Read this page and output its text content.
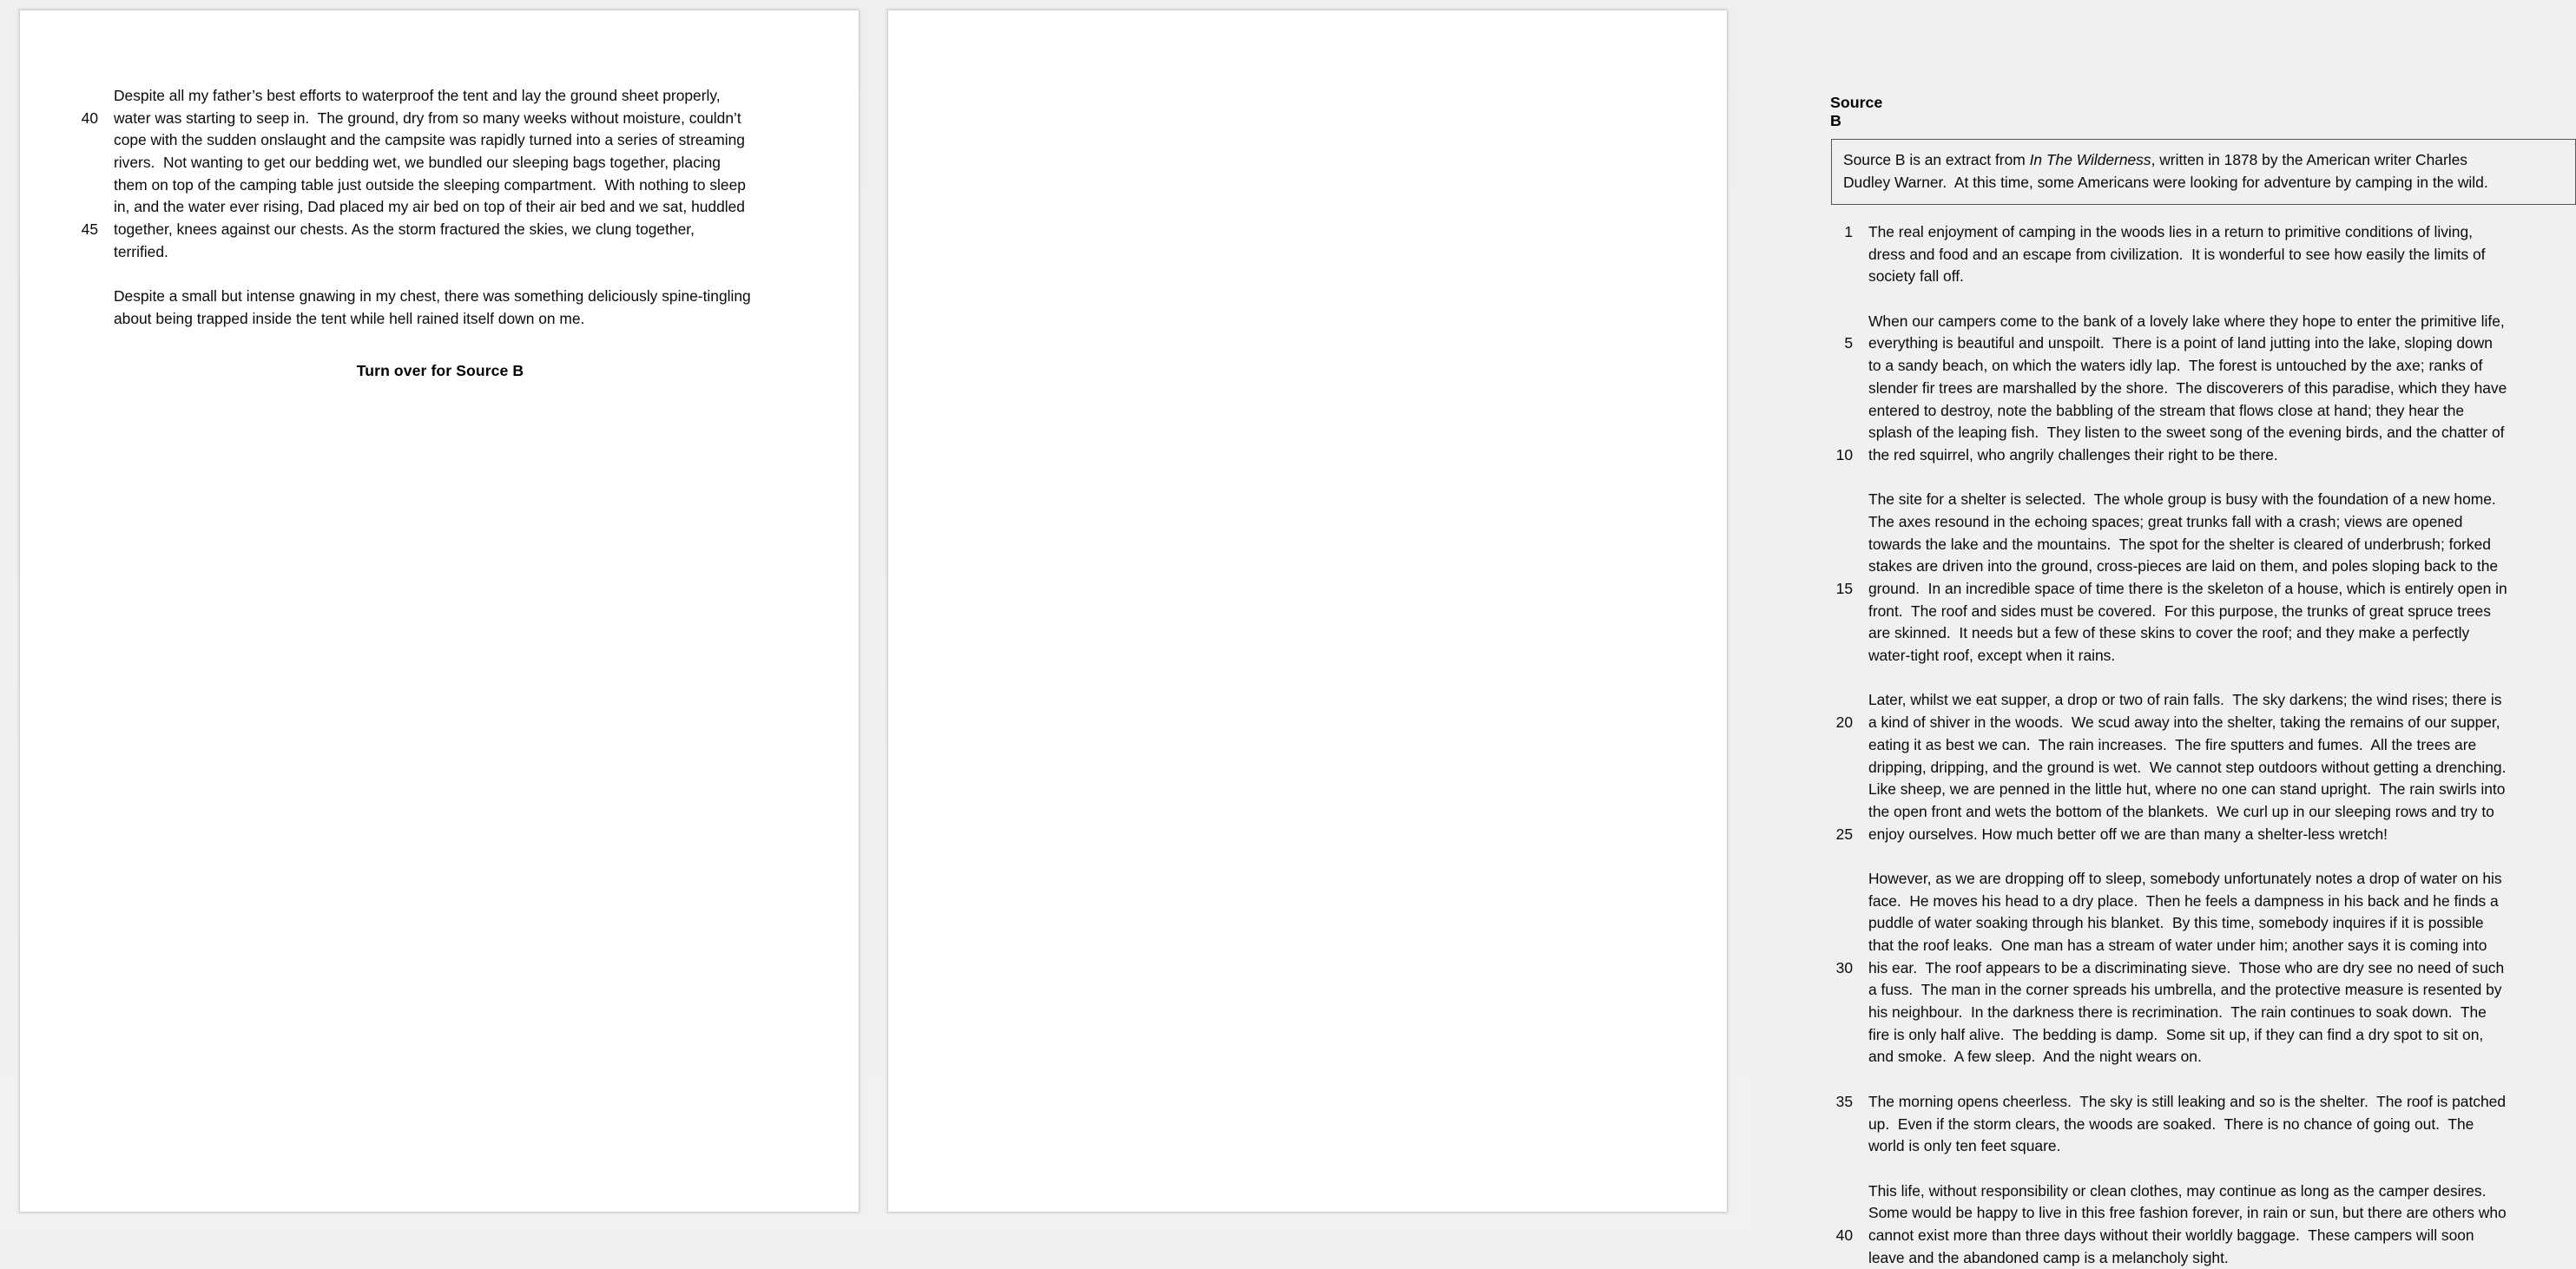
Despite all my father’s best efforts to waterproof the tent and lay the ground sheet properly,
40	water was starting to seep in.  The ground, dry from so many weeks without moisture, couldn’t
cope with the sudden onslaught and the campsite was rapidly turned into a series of streaming
rivers.  Not wanting to get our bedding wet, we bundled our sleeping bags together, placing
them on top of the camping table just outside the sleeping compartment.  With nothing to sleep
in, and the water ever rising, Dad placed my air bed on top of their air bed and we sat, huddled
45	together, knees against our chests. As the storm fractured the skies, we clung together,
terrified.
Despite a small but intense gnawing in my chest, there was something deliciously spine-tingling
about being trapped inside the tent while hell rained itself down on me.
Turn over for Source B
Source B
Source B is an extract from In The Wilderness, written in 1878 by the American writer Charles
Dudley Warner.  At this time, some Americans were looking for adventure by camping in the wild.
1	The real enjoyment of camping in the woods lies in a return to primitive conditions of living,
dress and food and an escape from civilization.  It is wonderful to see how easily the limits of
society fall off.
When our campers come to the bank of a lovely lake where they hope to enter the primitive life,
5	everything is beautiful and unspoilt.  There is a point of land jutting into the lake, sloping down
to a sandy beach, on which the waters idly lap.  The forest is untouched by the axe; ranks of
slender fir trees are marshalled by the shore.  The discoverers of this paradise, which they have
entered to destroy, note the babbling of the stream that flows close at hand; they hear the
splash of the leaping fish.  They listen to the sweet song of the evening birds, and the chatter of
10	the red squirrel, who angrily challenges their right to be there.
The site for a shelter is selected.  The whole group is busy with the foundation of a new home.
The axes resound in the echoing spaces; great trunks fall with a crash; views are opened
towards the lake and the mountains.  The spot for the shelter is cleared of underbrush; forked
stakes are driven into the ground, cross-pieces are laid on them, and poles sloping back to the
15	ground.  In an incredible space of time there is the skeleton of a house, which is entirely open in
front.  The roof and sides must be covered.  For this purpose, the trunks of great spruce trees
are skinned.  It needs but a few of these skins to cover the roof; and they make a perfectly
water-tight roof, except when it rains.
Later, whilst we eat supper, a drop or two of rain falls.  The sky darkens; the wind rises; there is
20	a kind of shiver in the woods.  We scud away into the shelter, taking the remains of our supper,
eating it as best we can.  The rain increases.  The fire sputters and fumes.  All the trees are
dripping, dripping, and the ground is wet.  We cannot step outdoors without getting a drenching.
Like sheep, we are penned in the little hut, where no one can stand upright.  The rain swirls into
the open front and wets the bottom of the blankets.  We curl up in our sleeping rows and try to
25	enjoy ourselves. How much better off we are than many a shelter-less wretch!
However, as we are dropping off to sleep, somebody unfortunately notes a drop of water on his
face.  He moves his head to a dry place.  Then he feels a dampness in his back and he finds a
puddle of water soaking through his blanket.  By this time, somebody inquires if it is possible
that the roof leaks.  One man has a stream of water under him; another says it is coming into
30	his ear.  The roof appears to be a discriminating sieve.  Those who are dry see no need of such
a fuss.  The man in the corner spreads his umbrella, and the protective measure is resented by
his neighbour.  In the darkness there is recrimination.  The rain continues to soak down.  The
fire is only half alive.  The bedding is damp.  Some sit up, if they can find a dry spot to sit on,
and smoke.  A few sleep.  And the night wears on.
35	The morning opens cheerless.  The sky is still leaking and so is the shelter.  The roof is patched
up.  Even if the storm clears, the woods are soaked.  There is no chance of going out.  The
world is only ten feet square.
This life, without responsibility or clean clothes, may continue as long as the camper desires.
Some would be happy to live in this free fashion forever, in rain or sun, but there are others who
40	cannot exist more than three days without their worldly baggage.  These campers will soon
leave and the abandoned camp is a melancholy sight.
